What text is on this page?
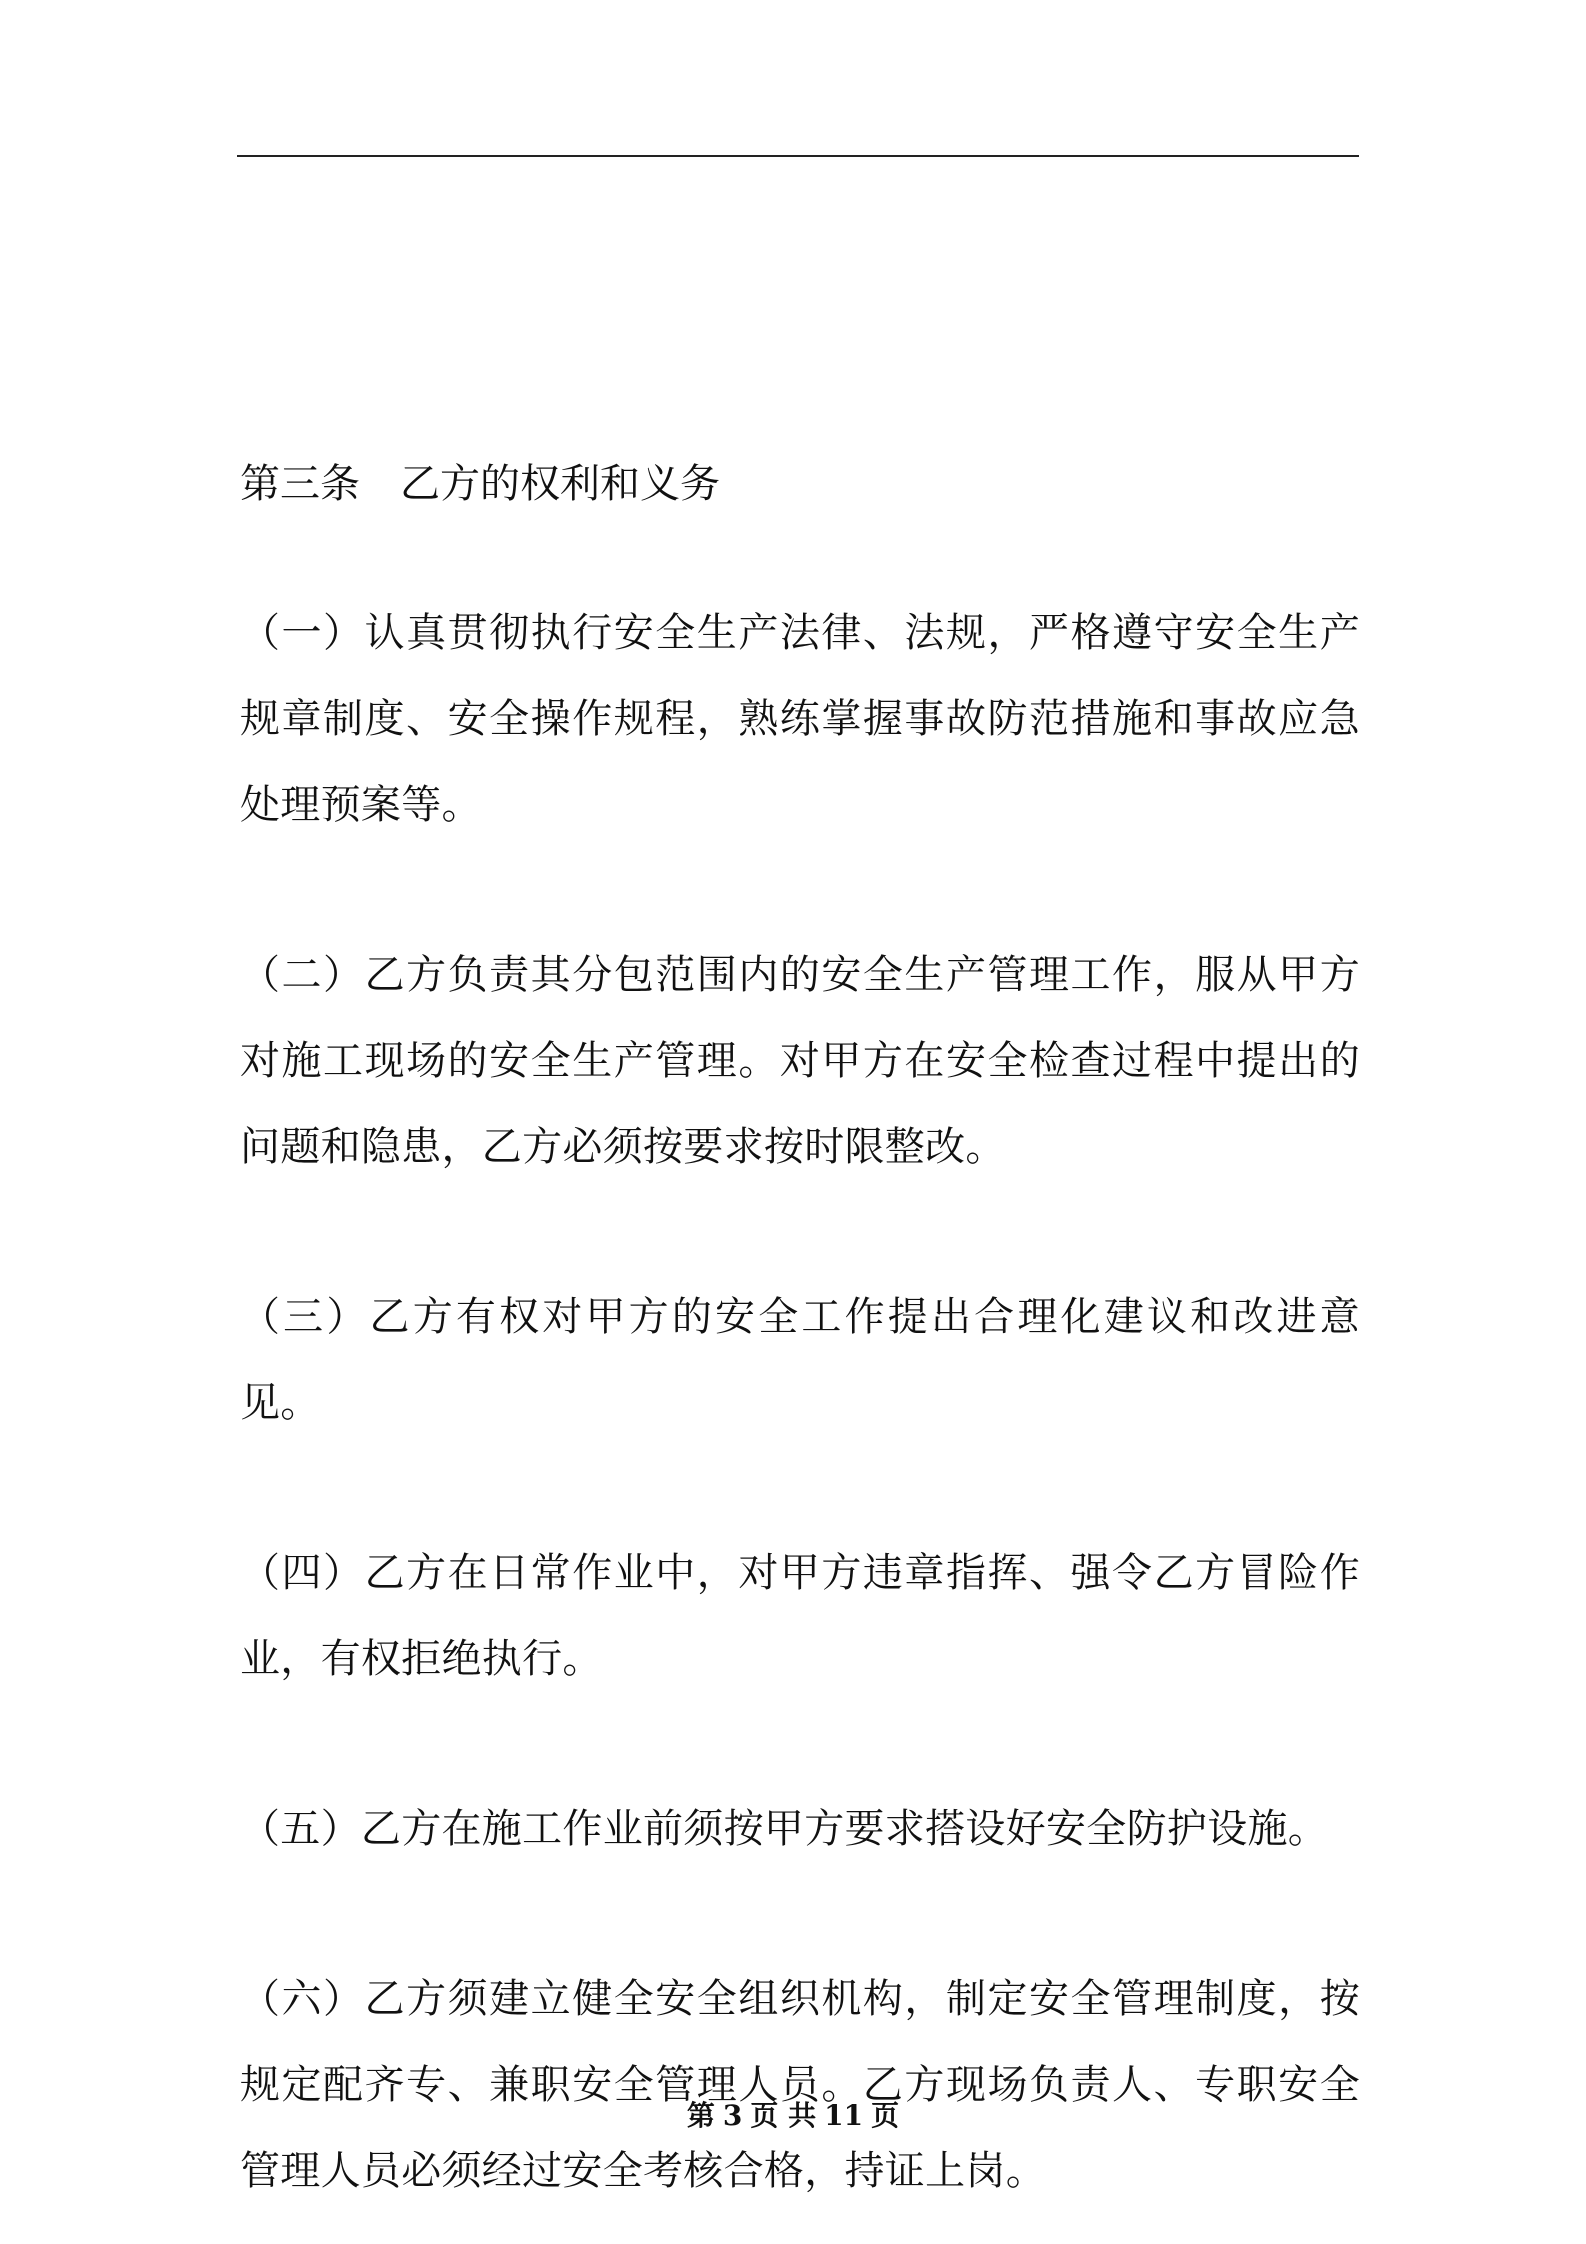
第三条　乙方的权利和义务

（一）认真贯彻执行安全生产法律、法规，严格遵守安全生产规章制度、安全操作规程，熟练掌握事故防范措施和事故应急处理预案等。

（二）乙方负责其分包范围内的安全生产管理工作，服从甲方对施工现场的安全生产管理。对甲方在安全检查过程中提出的问题和隐患，乙方必须按要求按时限整改。

（三）乙方有权对甲方的安全工作提出合理化建议和改进意见。

（四）乙方在日常作业中，对甲方违章指挥、强令乙方冒险作业，有权拒绝执行。

（五）乙方在施工作业前须按甲方要求搭设好安全防护设施。

（六）乙方须建立健全安全组织机构，制定安全管理制度，按规定配齐专、兼职安全管理人员。乙方现场负责人、专职安全管理人员必须经过安全考核合格，持证上岗。

第 3 页 共 11 页
